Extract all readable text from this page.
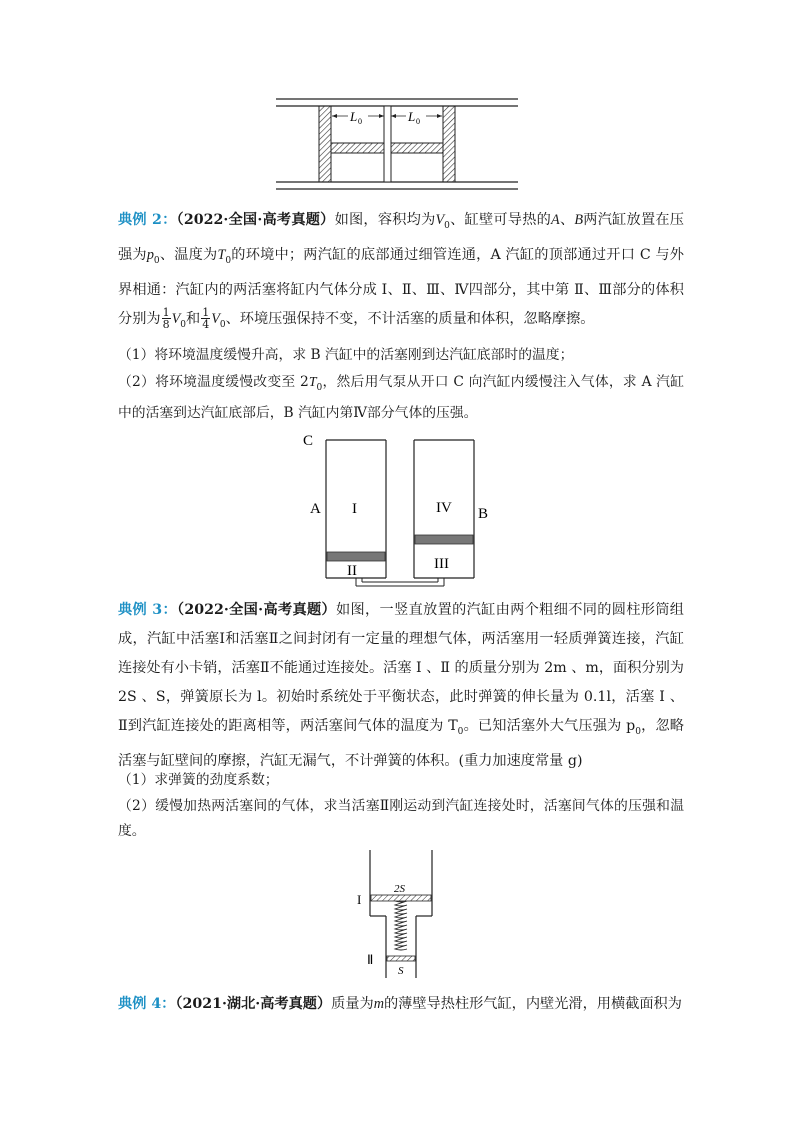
L 0	L 0
典例 2：（2022·全国·高考真题）如图，容积均为$V_0$、缸壁可导热的A、B两汽缸放置在压强为$p_0$、温度为$T_0$的环境中；两汽缸的底部通过细管连通，A 汽缸的顶部通过开口 C 与外界相通：汽缸内的两活塞将缸内气体分成 Ⅰ、Ⅱ、Ⅲ、Ⅳ四部分，其中第 Ⅱ、Ⅲ部分的体积分别为 $\frac{1}{8} V_0$和 $\frac{1}{4} V_0$、环境压强保持不变，不计活塞的质量和体积，忽略摩擦。
（1）将环境温度缓慢升高，求 B 汽缸中的活塞刚到达汽缸底部时的温度；
（2）将环境温度缓慢改变至 $2T_0$，然后用气泵从开口 C 向汽缸内缓慢注入气体，求 A 汽缸中的活塞到达汽缸底部后，B 汽缸内第Ⅳ部分气体的压强。
C
A	B
I
II	III
IV
典例 3：（2022·全国·高考真题）如图，一竖直放置的汽缸由两个粗细不同的圆柱形筒组成，汽缸中活塞Ⅰ和活塞Ⅱ之间封闭有一定量的理想气体，两活塞用一轻质弹簧连接，汽缸连接处有小卡销，活塞Ⅱ不能通过连接处。活塞 Ⅰ 、Ⅱ 的质量分别为 2m 、m，面积分别为 2S 、S，弹簧原长为 l。初始时系统处于平衡状态，此时弹簧的伸长量为 0.1l，活塞 Ⅰ 、Ⅱ到汽缸连接处的距离相等，两活塞间气体的温度为 $T_0$。已知活塞外大气压强为 $p_0$，忽略活塞与缸壁间的摩擦，汽缸无漏气，不计弹簧的体积。(重力加速度常量 g)
（1）求弹簧的劲度系数；
（2）缓慢加热两活塞间的气体，求当活塞Ⅱ刚运动到汽缸连接处时，活塞间气体的压强和温度。
2S
S
I
Ⅱ
典例 4：（2021·湖北·高考真题）质量为m的薄壁导热柱形气缸，内壁光滑，用横截面积为
